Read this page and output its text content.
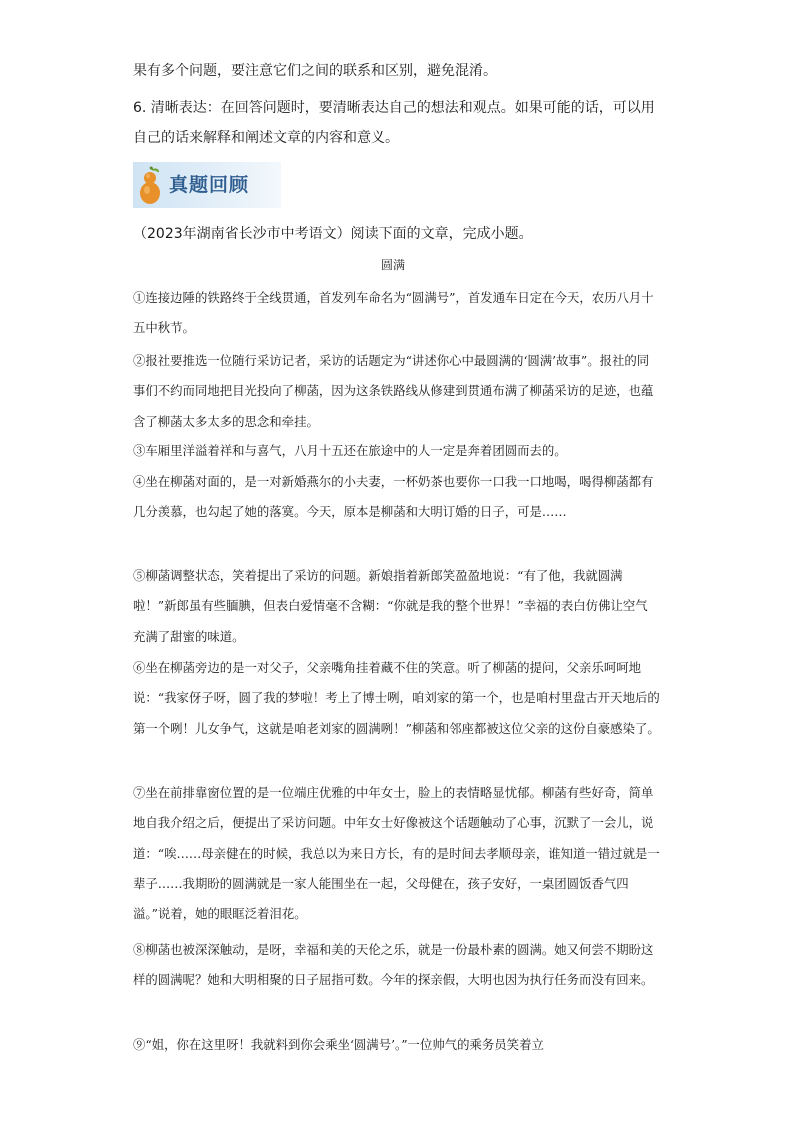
果有多个问题，要注意它们之间的联系和区别，避免混淆。
6. 清晰表达：在回答问题时，要清晰表达自己的想法和观点。如果可能的话，可以用
自己的话来解释和阐述文章的内容和意义。
真题回顾
（2023年湖南省长沙市中考语文）阅读下面的文章，完成小题。
圆满
①连接边陲的铁路终于全线贯通，首发列车命名为“圆满号”，首发通车日定在今天，农历八月十五中秋节。
②报社要推选一位随行采访记者，采访的话题定为“讲述你心中最圆满的‘圆满’故事”。报社的同事们不约而同地把目光投向了柳菡，因为这条铁路线从修建到贯通布满了柳菡采访的足迹，也蕴含了柳菡太多太多的思念和牵挂。
③车厢里洋溢着祥和与喜气，八月十五还在旅途中的人一定是奔着团圆而去的。
④坐在柳菡对面的，是一对新婚燕尔的小夫妻，一杯奶茶也要你一口我一口地喝，喝得柳菡都有几分羡慕，也勾起了她的落寞。今天，原本是柳菡和大明订婚的日子，可是……
⑤柳菡调整状态，笑着提出了采访的问题。新娘指着新郎笑盈盈地说：“有了他，我就圆满啦！”新郎虽有些腼腆，但表白爱情毫不含糊：“你就是我的整个世界！”幸福的表白仿佛让空气充满了甜蜜的味道。
⑥坐在柳菡旁边的是一对父子，父亲嘴角挂着藏不住的笑意。听了柳菡的提问，父亲乐呵呵地说：“我家伢子呀，圆了我的梦啦！考上了博士咧，咱刘家的第一个，也是咱村里盘古开天地后的第一个咧！儿女争气，这就是咱老刘家的圆满咧！”柳菡和邻座都被这位父亲的这份自豪感染了。
⑦坐在前排靠窗位置的是一位端庄优雅的中年女士，脸上的表情略显忧郁。柳菡有些好奇，简单地自我介绍之后，便提出了采访问题。中年女士好像被这个话题触动了心事，沉默了一会儿，说道：“唉……母亲健在的时候，我总以为来日方长，有的是时间去孝顺母亲，谁知道一错过就是一辈子……我期盼的圆满就是一家人能围坐在一起，父母健在，孩子安好，一桌团圆饭香气四溢。”说着，她的眼眶泛着泪花。
⑧柳菡也被深深触动，是呀，幸福和美的天伦之乐，就是一份最朴素的圆满。她又何尝不期盼这样的圆满呢？她和大明相聚的日子屈指可数。今年的探亲假，大明也因为执行任务而没有回来。
⑨“姐，你在这里呀！我就料到你会乘坐‘圆满号’。”一位帅气的乘务员笑着立
